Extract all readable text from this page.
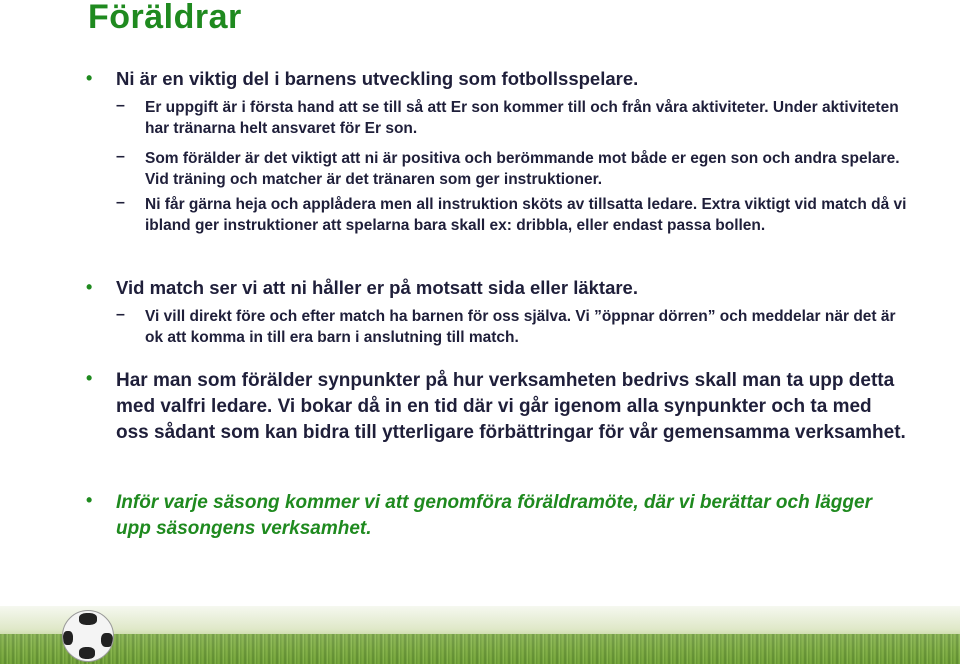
Föräldrar
• Ni är en viktig del i barnens utveckling som fotbollsspelare.
– Er uppgift är i första hand att se till så att Er son kommer till och från våra aktiviteter. Under aktiviteten har tränarna helt ansvaret för Er son.
– Som förälder är det viktigt att ni är positiva och berömmande mot både er egen son och andra spelare. Vid träning och matcher är det tränaren som ger instruktioner.
– Ni får gärna heja och applådera men all instruktion sköts av tillsatta ledare. Extra viktigt vid match då vi ibland ger instruktioner att spelarna bara skall ex: dribbla, eller endast passa bollen.
• Vid match ser vi att ni håller er på motsatt sida eller läktare.
– Vi vill direkt före och efter match ha barnen för oss själva. Vi ”öppnar dörren” och meddelar när det är ok att komma in till era barn i anslutning till match.
• Har man som förälder synpunkter på hur verksamheten bedrivs skall man ta upp detta med valfri ledare. Vi bokar då in en tid där vi går igenom alla synpunkter och ta med oss sådant som kan bidra till ytterligare förbättringar för vår gemensamma verksamhet.
• Inför varje säsong kommer vi att genomföra föräldramöte, där vi berättar och lägger upp säsongens verksamhet.
